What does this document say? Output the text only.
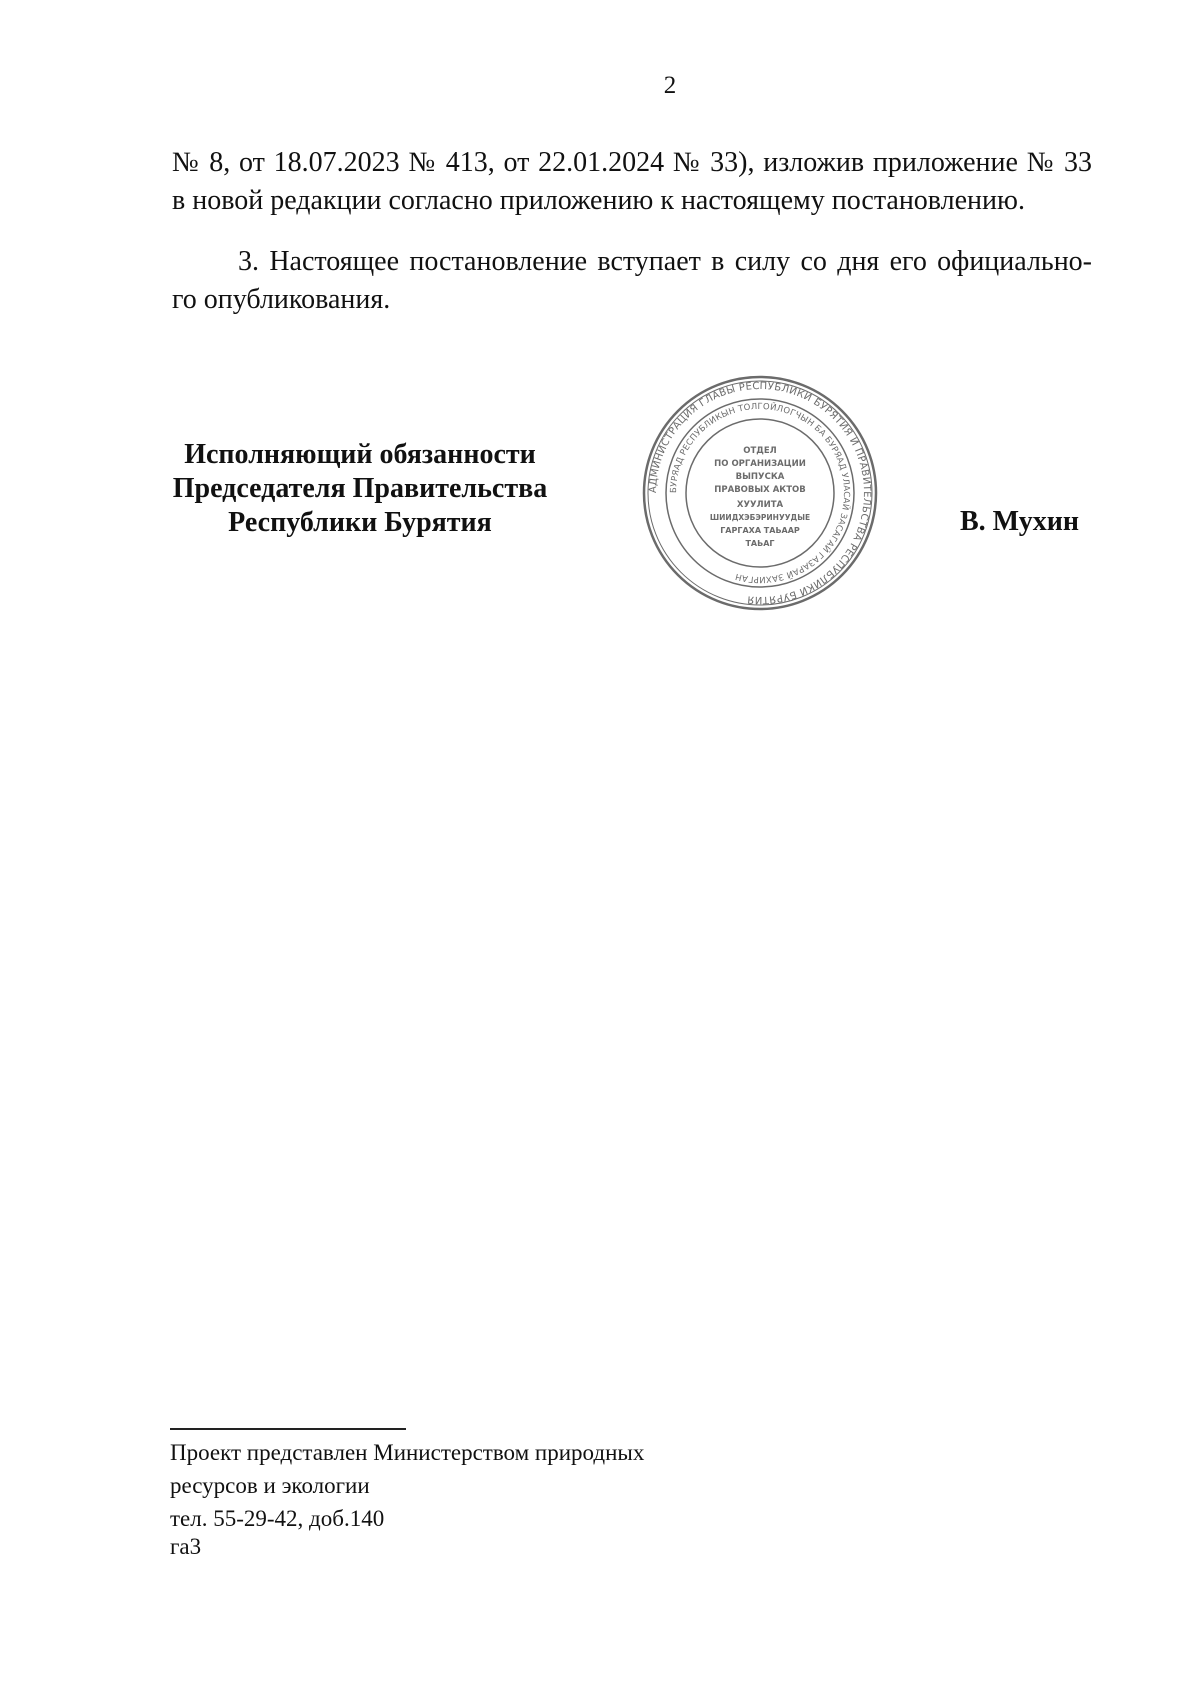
2
№ 8, от 18.07.2023 № 413, от 22.01.2024 № 33), изложив приложение № 33
в новой редакции согласно приложению к настоящему постановлению.
3. Настоящее постановление вступает в силу со дня его официально-
го опубликования.
Исполняющий обязанности
Председателя Правительства
Республики Бурятия
АДМИНИСТРАЦИЯ ГЛАВЫ РЕСПУБЛИКИ БУРЯТИЯ И ПРАВИТЕЛЬСТВА РЕСПУБЛИКИ БУРЯТИЯ
БУРЯАД РЕСПУБЛИКЫН ТОЛГОЙЛОГЧЫН БА БУРЯАД УЛАСАЙ ЗАСАГАЙ ГАЗАРАЙ ЗАХИРГАН
ОТДЕЛ
ПО ОРГАНИЗАЦИИ
ВЫПУСКА
ПРАВОВЫХ АКТОВ
ХУУЛИТА
ШИИДХЭБЭРИНУУДЫЕ
ГАРГАХА ТАЬААР
ТАЬАГ
В. Мухин
Проект представлен Министерством природных
ресурсов и экологии
тел. 55-29-42, доб.140
га3
